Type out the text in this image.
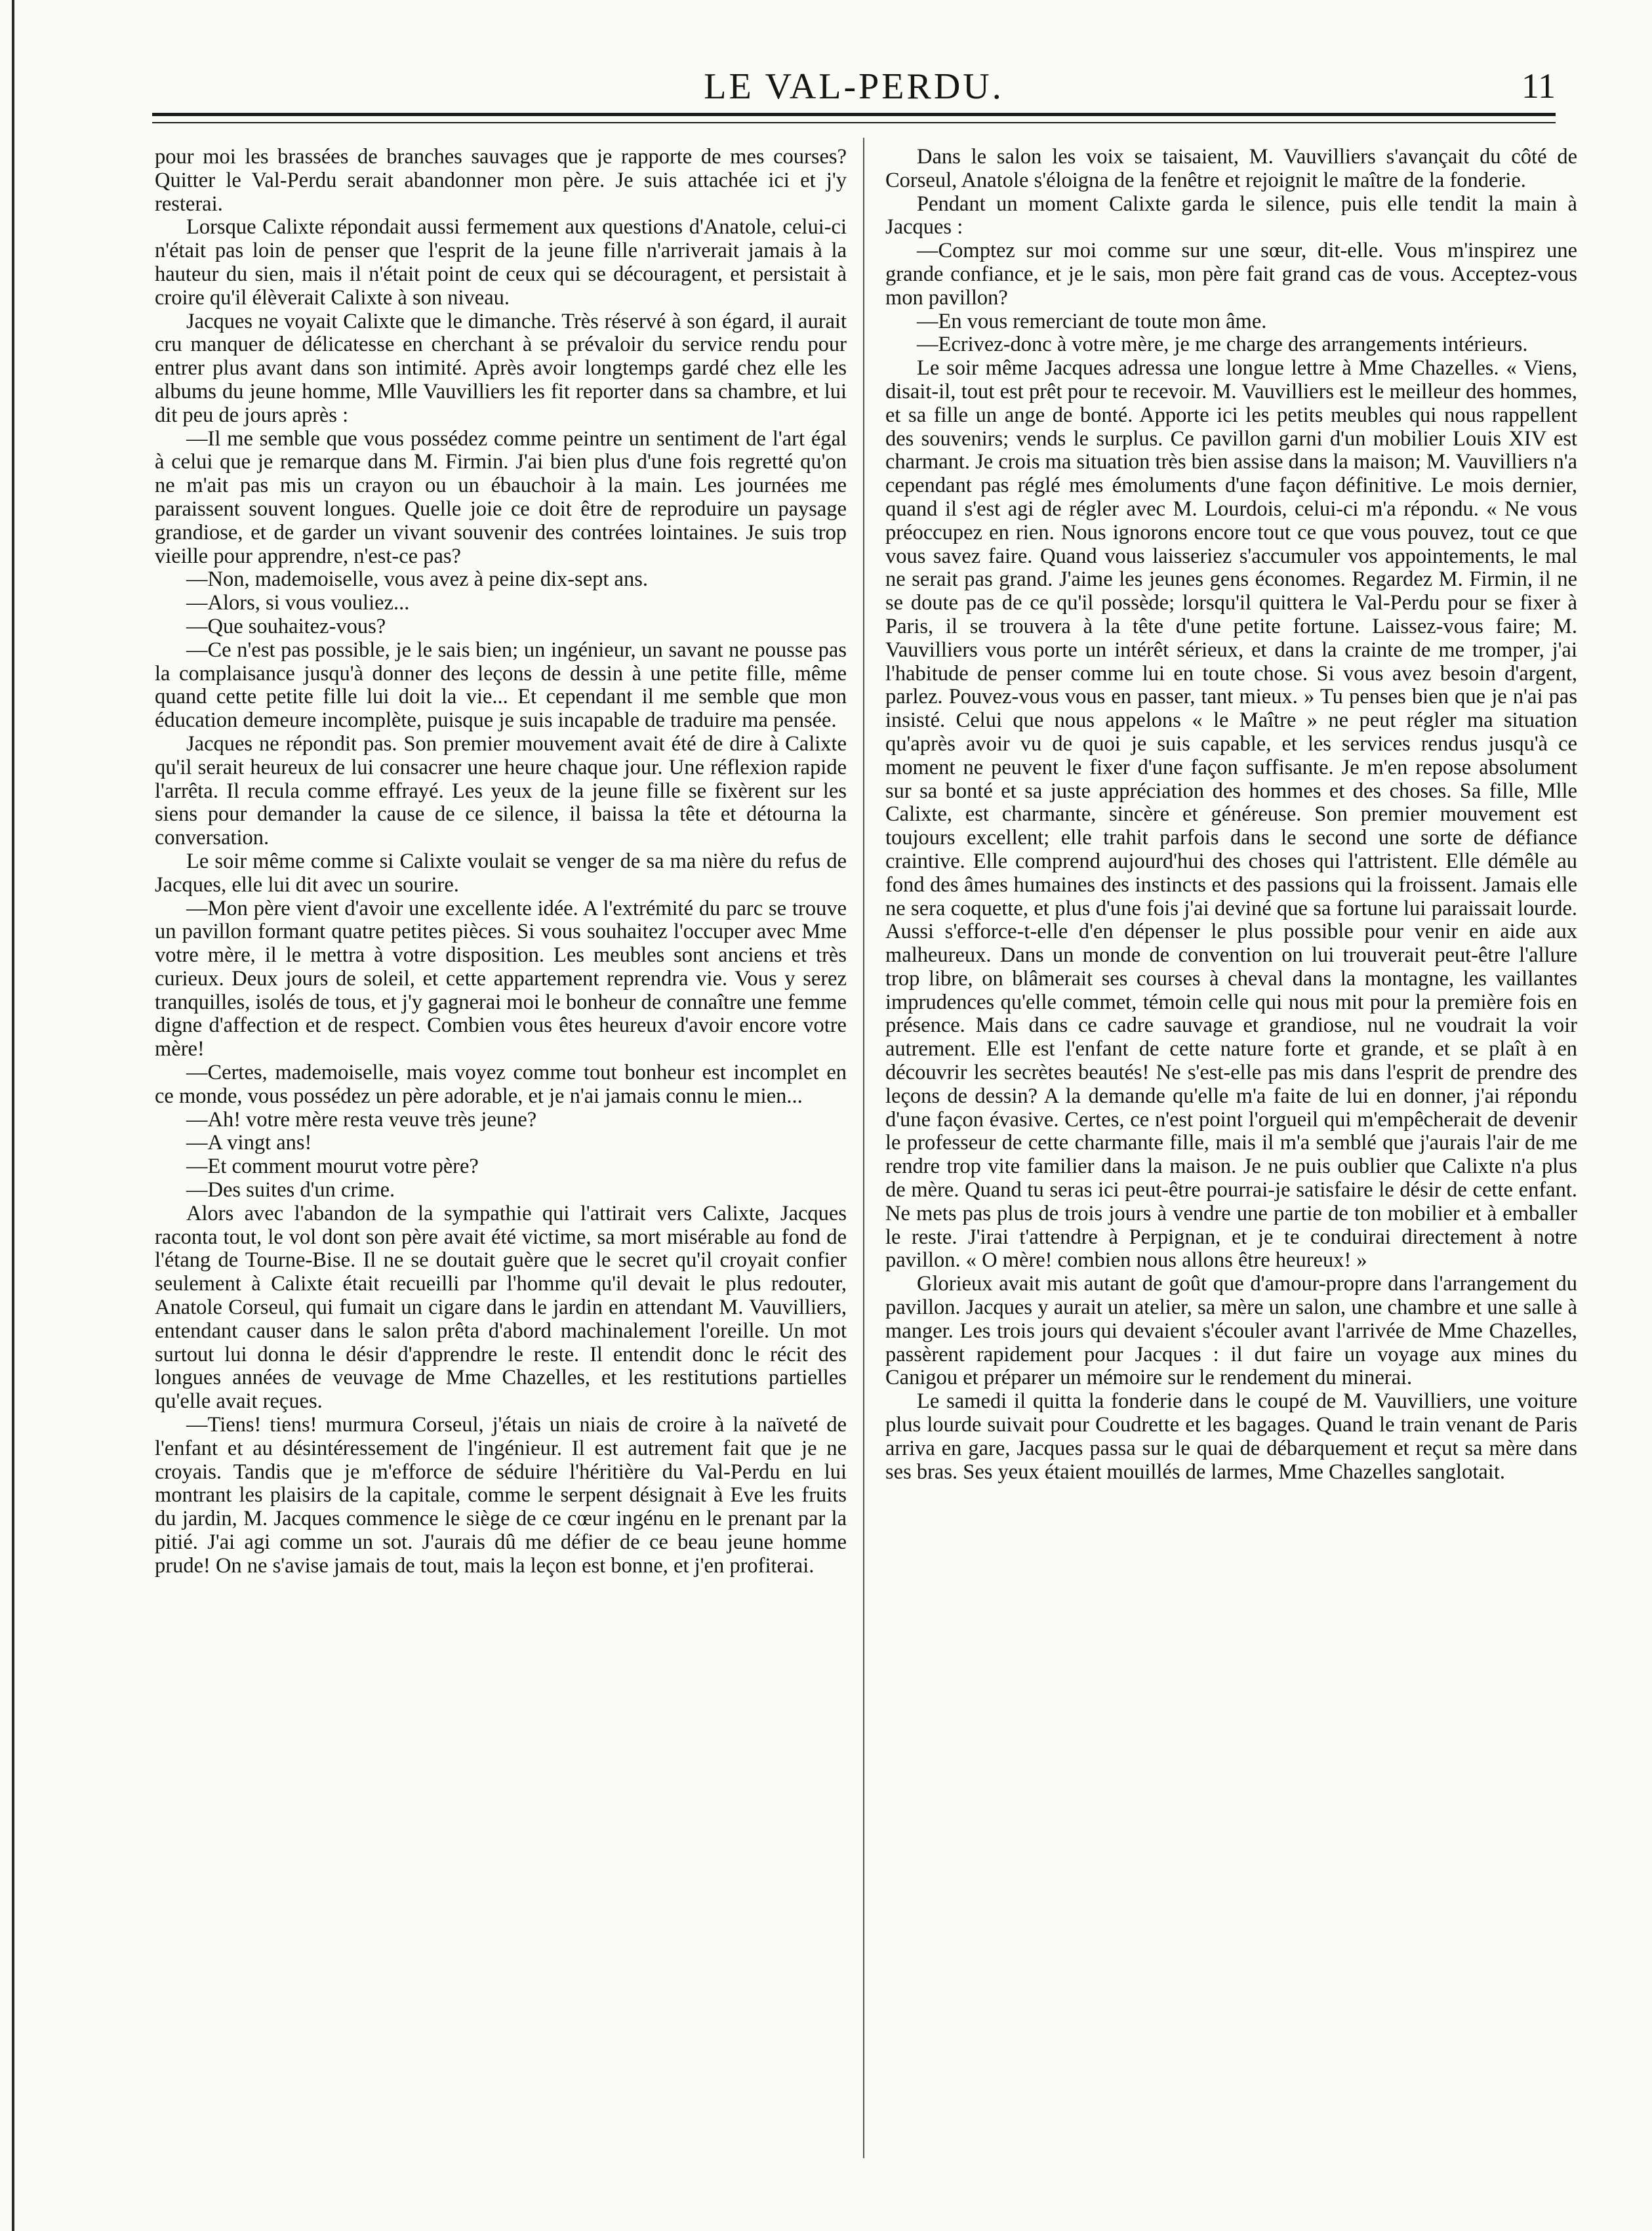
LE VAL-PERDU.	11

pour moi les brassées de branches sauvages que je rapporte de mes courses? Quitter le Val-Perdu serait abandonner mon père. Je suis attachée ici et j'y resterai.

Lorsque Calixte répondait aussi fermement aux questions d'Anatole, celui-ci n'était pas loin de penser que l'esprit de la jeune fille n'arriverait jamais à la hauteur du sien, mais il n'était point de ceux qui se découragent, et persistait à croire qu'il élèverait Calixte à son niveau.

Jacques ne voyait Calixte que le dimanche. Très réservé à son égard, il aurait cru manquer de délicatesse en cherchant à se prévaloir du service rendu pour entrer plus avant dans son intimité. Après avoir longtemps gardé chez elle les albums du jeune homme, Mlle Vauvilliers les fit reporter dans sa chambre, et lui dit peu de jours après :

—Il me semble que vous possédez comme peintre un sentiment de l'art égal à celui que je remarque dans M. Firmin. J'ai bien plus d'une fois regretté qu'on ne m'ait pas mis un crayon ou un ébauchoir à la main. Les journées me paraissent souvent longues. Quelle joie ce doit être de reproduire un paysage grandiose, et de garder un vivant souvenir des contrées lointaines. Je suis trop vieille pour apprendre, n'est-ce pas?

—Non, mademoiselle, vous avez à peine dix-sept ans.

—Alors, si vous vouliez...

—Que souhaitez-vous?

—Ce n'est pas possible, je le sais bien; un ingénieur, un savant ne pousse pas la complaisance jusqu'à donner des leçons de dessin à une petite fille, même quand cette petite fille lui doit la vie... Et cependant il me semble que mon éducation demeure incomplète, puisque je suis incapable de traduire ma pensée.

Jacques ne répondit pas. Son premier mouvement avait été de dire à Calixte qu'il serait heureux de lui consacrer une heure chaque jour. Une réflexion rapide l'arrêta. Il recula comme effrayé. Les yeux de la jeune fille se fixèrent sur les siens pour demander la cause de ce silence, il baissa la tête et détourna la conversation.

Le soir même comme si Calixte voulait se venger de sa ma nière du refus de Jacques, elle lui dit avec un sourire.

—Mon père vient d'avoir une excellente idée. A l'extrémité du parc se trouve un pavillon formant quatre petites pièces. Si vous souhaitez l'occuper avec Mme votre mère, il le mettra à votre disposition. Les meubles sont anciens et très curieux. Deux jours de soleil, et cette appartement reprendra vie. Vous y serez tranquilles, isolés de tous, et j'y gagnerai moi le bonheur de connaître une femme digne d'affection et de respect. Combien vous êtes heureux d'avoir encore votre mère!

—Certes, mademoiselle, mais voyez comme tout bonheur est incomplet en ce monde, vous possédez un père adorable, et je n'ai jamais connu le mien...

—Ah! votre mère resta veuve très jeune?

—A vingt ans!

—Et comment mourut votre père?

—Des suites d'un crime.

Alors avec l'abandon de la sympathie qui l'attirait vers Calixte, Jacques raconta tout, le vol dont son père avait été victime, sa mort misérable au fond de l'étang de Tourne-Bise. Il ne se doutait guère que le secret qu'il croyait confier seulement à Calixte était recueilli par l'homme qu'il devait le plus redouter, Anatole Corseul, qui fumait un cigare dans le jardin en attendant M. Vauvilliers, entendant causer dans le salon prêta d'abord machinalement l'oreille. Un mot surtout lui donna le désir d'apprendre le reste. Il entendit donc le récit des longues années de veuvage de Mme Chazelles, et les restitutions partielles qu'elle avait reçues.

—Tiens! tiens! murmura Corseul, j'étais un niais de croire à la naïveté de l'enfant et au désintéressement de l'ingénieur. Il est autrement fait que je ne croyais. Tandis que je m'efforce de séduire l'héritière du Val-Perdu en lui montrant les plaisirs de la capitale, comme le serpent désignait à Eve les fruits du jardin, M. Jacques commence le siège de ce cœur ingénu en le prenant par la pitié. J'ai agi comme un sot. J'aurais dû me défier de ce beau jeune homme prude! On ne s'avise jamais de tout, mais la leçon est bonne, et j'en profiterai.

Dans le salon les voix se taisaient, M. Vauvilliers s'avançait du côté de Corseul, Anatole s'éloigna de la fenêtre et rejoignit le maître de la fonderie.

Pendant un moment Calixte garda le silence, puis elle tendit la main à Jacques :

—Comptez sur moi comme sur une sœur, dit-elle. Vous m'inspirez une grande confiance, et je le sais, mon père fait grand cas de vous. Acceptez-vous mon pavillon?

—En vous remerciant de toute mon âme.

—Ecrivez-donc à votre mère, je me charge des arrangements intérieurs.

Le soir même Jacques adressa une longue lettre à Mme Chazelles. « Viens, disait-il, tout est prêt pour te recevoir. M. Vauvilliers est le meilleur des hommes, et sa fille un ange de bonté. Apporte ici les petits meubles qui nous rappellent des souvenirs; vends le surplus. Ce pavillon garni d'un mobilier Louis XIV est charmant. Je crois ma situation très bien assise dans la maison; M. Vauvilliers n'a cependant pas réglé mes émoluments d'une façon définitive. Le mois dernier, quand il s'est agi de régler avec M. Lourdois, celui-ci m'a répondu. « Ne vous préoccupez en rien. Nous ignorons encore tout ce que vous pouvez, tout ce que vous savez faire. Quand vous laisseriez s'accumuler vos appointements, le mal ne serait pas grand. J'aime les jeunes gens économes. Regardez M. Firmin, il ne se doute pas de ce qu'il possède; lorsqu'il quittera le Val-Perdu pour se fixer à Paris, il se trouvera à la tête d'une petite fortune. Laissez-vous faire; M. Vauvilliers vous porte un intérêt sérieux, et dans la crainte de me tromper, j'ai l'habitude de penser comme lui en toute chose. Si vous avez besoin d'argent, parlez. Pouvez-vous vous en passer, tant mieux. » Tu penses bien que je n'ai pas insisté. Celui que nous appelons « le Maître » ne peut régler ma situation qu'après avoir vu de quoi je suis capable, et les services rendus jusqu'à ce moment ne peuvent le fixer d'une façon suffisante. Je m'en repose absolument sur sa bonté et sa juste appréciation des hommes et des choses. Sa fille, Mlle Calixte, est charmante, sincère et généreuse. Son premier mouvement est toujours excellent; elle trahit parfois dans le second une sorte de défiance craintive. Elle comprend aujourd'hui des choses qui l'attristent. Elle démêle au fond des âmes humaines des instincts et des passions qui la froissent. Jamais elle ne sera coquette, et plus d'une fois j'ai deviné que sa fortune lui paraissait lourde. Aussi s'efforce-t-elle d'en dépenser le plus possible pour venir en aide aux malheureux. Dans un monde de convention on lui trouverait peut-être l'allure trop libre, on blâmerait ses courses à cheval dans la montagne, les vaillantes imprudences qu'elle commet, témoin celle qui nous mit pour la première fois en présence. Mais dans ce cadre sauvage et grandiose, nul ne voudrait la voir autrement. Elle est l'enfant de cette nature forte et grande, et se plaît à en découvrir les secrètes beautés! Ne s'est-elle pas mis dans l'esprit de prendre des leçons de dessin? A la demande qu'elle m'a faite de lui en donner, j'ai répondu d'une façon évasive. Certes, ce n'est point l'orgueil qui m'empêcherait de devenir le professeur de cette charmante fille, mais il m'a semblé que j'aurais l'air de me rendre trop vite familier dans la maison. Je ne puis oublier que Calixte n'a plus de mère. Quand tu seras ici peut-être pourrai-je satisfaire le désir de cette enfant. Ne mets pas plus de trois jours à vendre une partie de ton mobilier et à emballer le reste. J'irai t'attendre à Perpignan, et je te conduirai directement à notre pavillon. « O mère! combien nous allons être heureux! »

Glorieux avait mis autant de goût que d'amour-propre dans l'arrangement du pavillon. Jacques y aurait un atelier, sa mère un salon, une chambre et une salle à manger. Les trois jours qui devaient s'écouler avant l'arrivée de Mme Chazelles, passèrent rapidement pour Jacques : il dut faire un voyage aux mines du Canigou et préparer un mémoire sur le rendement du minerai.

Le samedi il quitta la fonderie dans le coupé de M. Vauvilliers, une voiture plus lourde suivait pour Coudrette et les bagages. Quand le train venant de Paris arriva en gare, Jacques passa sur le quai de débarquement et reçut sa mère dans ses bras. Ses yeux étaient mouillés de larmes, Mme Chazelles sanglotait.
